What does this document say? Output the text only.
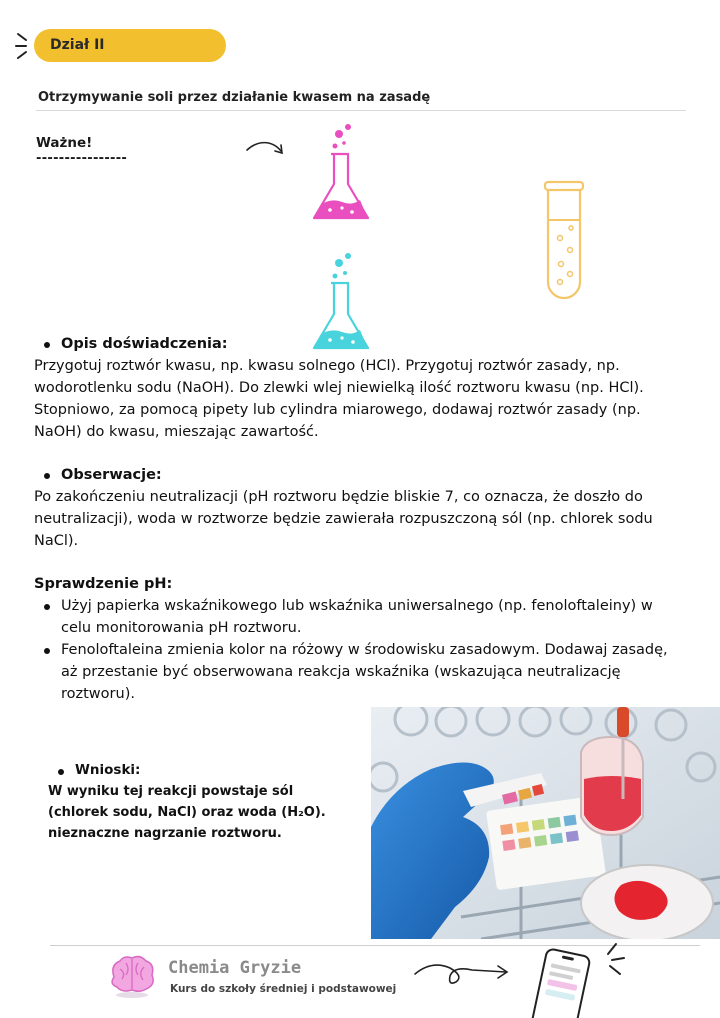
Dział II
Otrzymywanie soli przez działanie kwasem na zasadę
Ważne!
----------------
Opis doświadczenia:

Przygotuj roztwór kwasu, np. kwasu solnego (HCl). Przygotuj roztwór zasady, np. wodorotlenku sodu (NaOH). Do zlewki wlej niewielką ilość roztworu kwasu (np. HCl). Stopniowo, za pomocą pipety lub cylindra miarowego, dodawaj roztwór zasady (np. NaOH) do kwasu, mieszając zawartość.

Obserwacje:

Po zakończeniu neutralizacji (pH roztworu będzie bliskie 7, co oznacza, że doszło do neutralizacji), woda w roztworze będzie zawierała rozpuszczoną sól (np. chlorek sodu NaCl).

Sprawdzenie pH:
Użyj papierka wskaźnikowego lub wskaźnika uniwersalnego (np. fenoloftaleiny) w celu monitorowania pH roztworu.
Fenoloftaleina zmienia kolor na różowy w środowisku zasadowym. Dodawaj zasadę, aż przestanie być obserwowana reakcja wskaźnika (wskazująca neutralizację roztworu).
Wnioski:
W wyniku tej reakcji powstaje sól
(chlorek sodu, NaCl) oraz woda (H₂O).
nieznaczne nagrzanie roztworu.
Chemia Gryzie
Kurs do szkoły średniej i podstawowej
